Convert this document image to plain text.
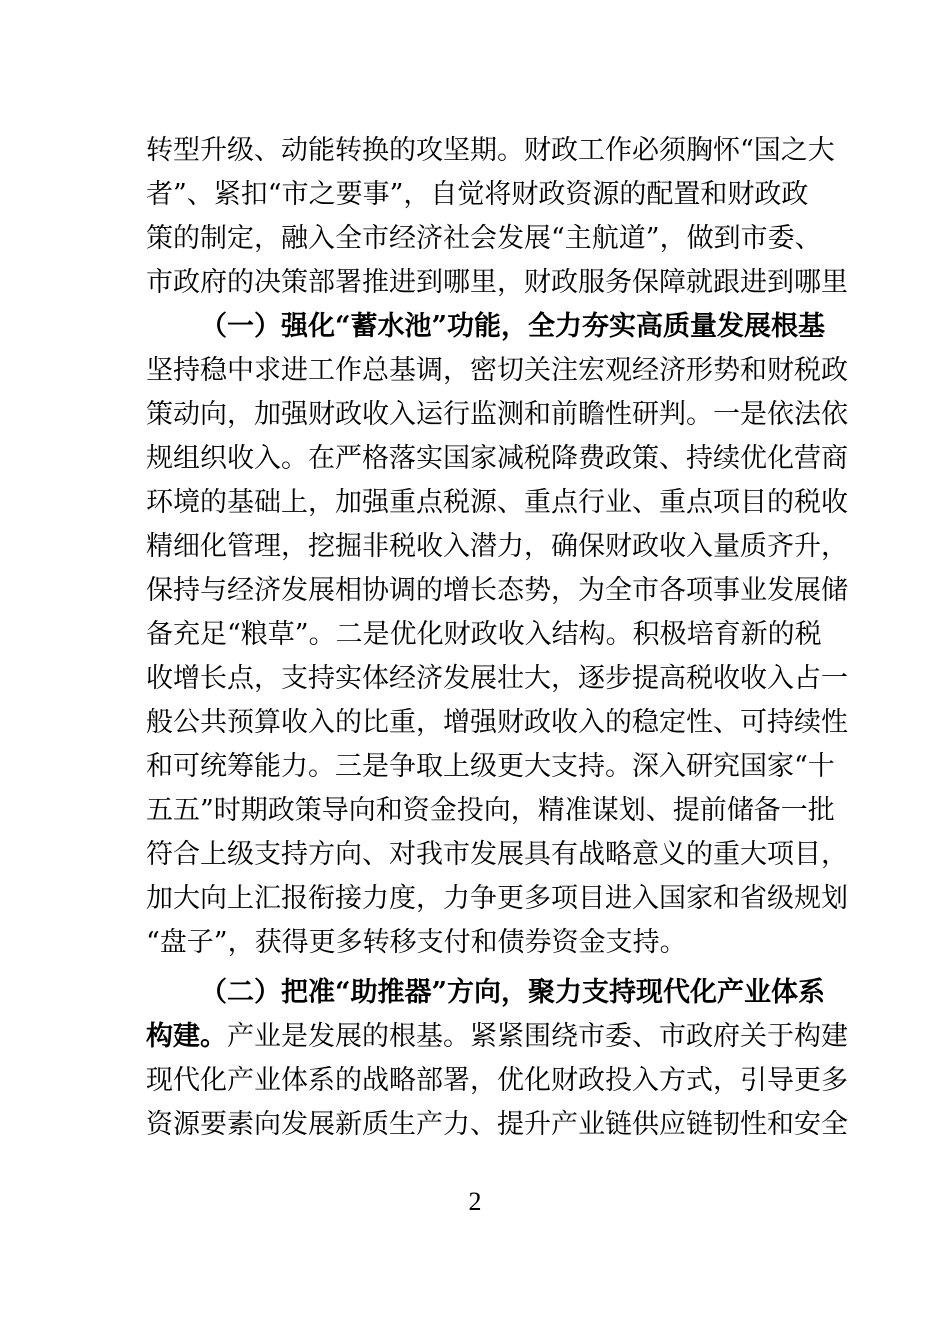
转型升级、动能转换的攻坚期。财政工作必须胸怀“国之大
者”、紧扣“市之要事”，自觉将财政资源的配置和财政政
策的制定，融入全市经济社会发展“主航道”，做到市委、
市政府的决策部署推进到哪里，财政服务保障就跟进到哪里
（一）强化“蓄水池”功能，全力夯实高质量发展根基
坚持稳中求进工作总基调，密切关注宏观经济形势和财税政
策动向，加强财政收入运行监测和前瞻性研判。一是依法依
规组织收入。在严格落实国家减税降费政策、持续优化营商
环境的基础上，加强重点税源、重点行业、重点项目的税收
精细化管理，挖掘非税收入潜力，确保财政收入量质齐升，
保持与经济发展相协调的增长态势，为全市各项事业发展储
备充足“粮草”。二是优化财政收入结构。积极培育新的税
收增长点，支持实体经济发展壮大，逐步提高税收收入占一
般公共预算收入的比重，增强财政收入的稳定性、可持续性
和可统筹能力。三是争取上级更大支持。深入研究国家“十
五五”时期政策导向和资金投向，精准谋划、提前储备一批
符合上级支持方向、对我市发展具有战略意义的重大项目，
加大向上汇报衔接力度，力争更多项目进入国家和省级规划
“盘子”，获得更多转移支付和债券资金支持。
（二）把准“助推器”方向，聚力支持现代化产业体系
构建。产业是发展的根基。紧紧围绕市委、市政府关于构建
现代化产业体系的战略部署，优化财政投入方式，引导更多
资源要素向发展新质生产力、提升产业链供应链韧性和安全
2
